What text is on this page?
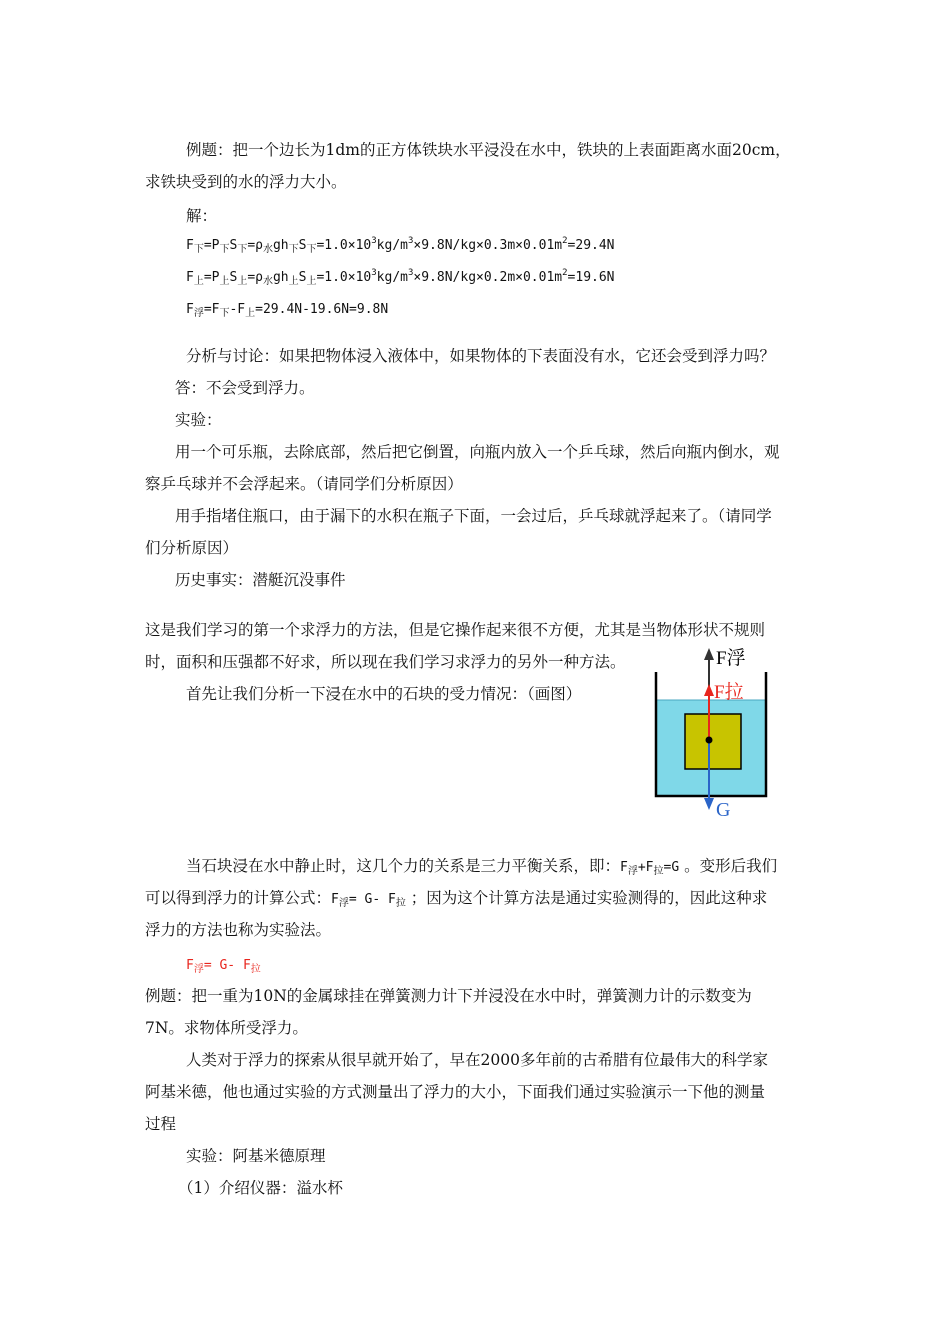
例题：把一个边长为1dm的正方体铁块水平浸没在水中，铁块的上表面距离水面20cm，
求铁块受到的水的浮力大小。
解：
$F_下=P_下S_下=\rho_水gh_下S_下=1.0\times 10^3kg/m^3\times 9.8N/kg\times 0.3m\times 0.01m^2=29.4N$
$F_上=P_上S_上=\rho_水gh_上S_上=1.0\times 10^3kg/m^3\times 9.8N/kg\times 0.2m\times 0.01m^2=19.6N$
$F_浮=F_下-F_上=29.4N-19.6N=9.8N$
分析与讨论：如果把物体浸入液体中，如果物体的下表面没有水，它还会受到浮力吗？
答：不会受到浮力。
实验：
用一个可乐瓶，去除底部，然后把它倒置，向瓶内放入一个乒乓球，然后向瓶内倒水，观
察乒乓球并不会浮起来。（请同学们分析原因）
用手指堵住瓶口，由于漏下的水积在瓶子下面，一会过后，乒乓球就浮起来了。（请同学
们分析原因）
历史事实：潜艇沉没事件
这是我们学习的第一个求浮力的方法，但是它操作起来很不方便，尤其是当物体形状不规则
时，面积和压强都不好求，所以现在我们学习求浮力的另外一种方法。
首先让我们分析一下浸在水中的石块的受力情况：（画图）
F浮
F拉
G
当石块浸在水中静止时，这几个力的关系是三力平衡关系，即：F浮+F拉=G 。变形后我们
可以得到浮力的计算公式：F浮= G- F拉 ；因为这个计算方法是通过实验测得的，因此这种求
浮力的方法也称为实验法。
F浮= G- F拉
例题：把一重为10N的金属球挂在弹簧测力计下并浸没在水中时，弹簧测力计的示数变为
7N。求物体所受浮力。
人类对于浮力的探索从很早就开始了，早在2000多年前的古希腊有位最伟大的科学家
阿基米德，他也通过实验的方式测量出了浮力的大小，下面我们通过实验演示一下他的测量
过程
实验：阿基米德原理
（1）介绍仪器：溢水杯
